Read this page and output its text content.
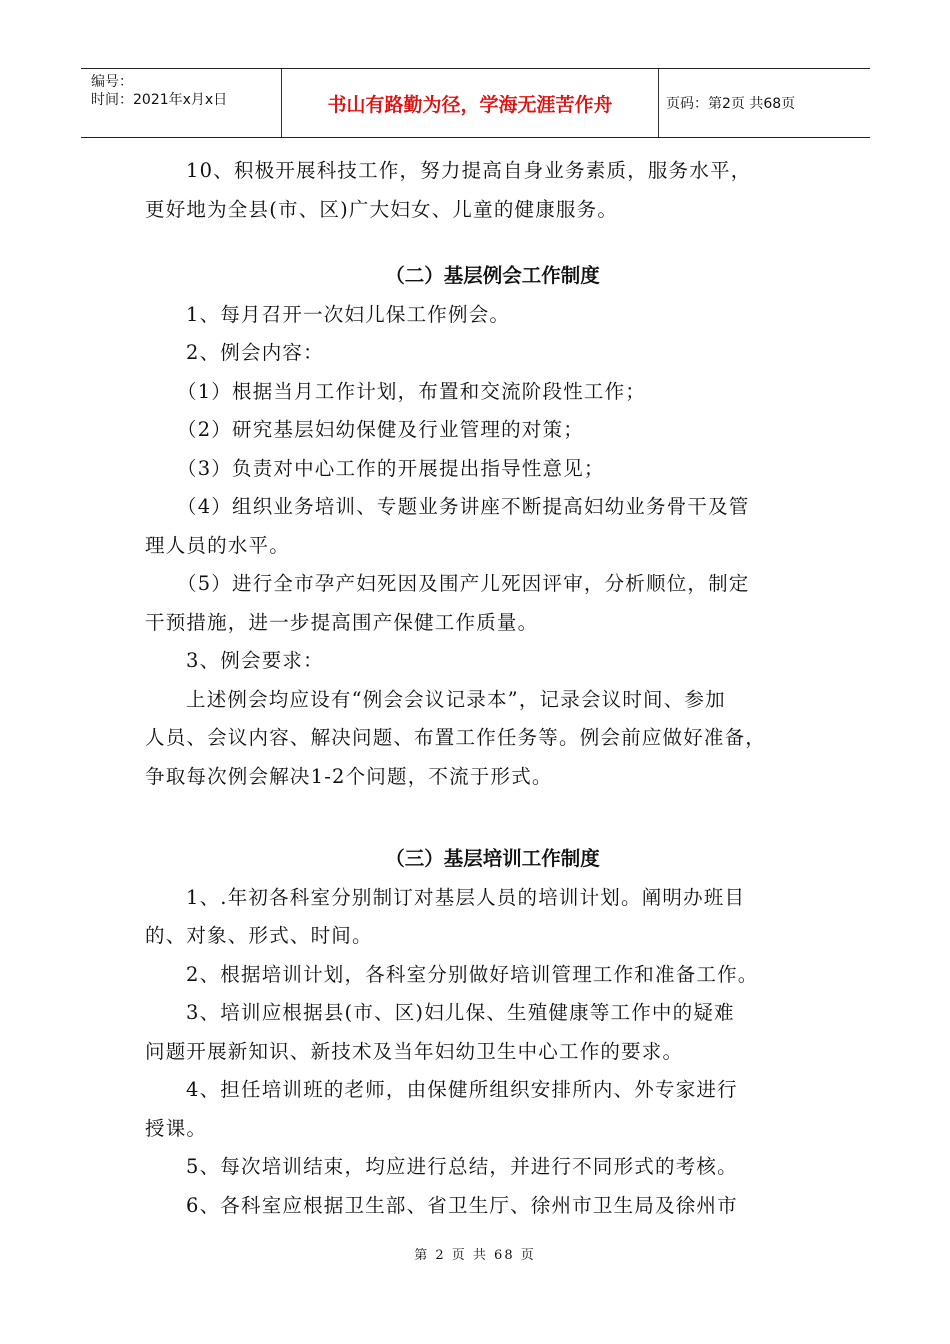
编号：
时间：2021年x月x日	书山有路勤为径，学海无涯苦作舟	页码：第2页 共68页

10、积极开展科技工作，努力提高自身业务素质，服务水平，

更好地为全县(市、区)广大妇女、儿童的健康服务。

（二）基层例会工作制度

1、每月召开一次妇儿保工作例会。

2、例会内容：

（1）根据当月工作计划，布置和交流阶段性工作；

（2）研究基层妇幼保健及行业管理的对策；

（3）负责对中心工作的开展提出指导性意见；

（4）组织业务培训、专题业务讲座不断提高妇幼业务骨干及管

理人员的水平。

（5）进行全市孕产妇死因及围产儿死因评审，分析顺位，制定

干预措施，进一步提高围产保健工作质量。

3、例会要求：

上述例会均应设有“例会会议记录本”，记录会议时间、参加

人员、会议内容、解决问题、布置工作任务等。例会前应做好准备，

争取每次例会解决1-2个问题，不流于形式。

（三）基层培训工作制度

1、.年初各科室分别制订对基层人员的培训计划。阐明办班目

的、对象、形式、时间。

2、根据培训计划，各科室分别做好培训管理工作和准备工作。

3、培训应根据县(市、区)妇儿保、生殖健康等工作中的疑难

问题开展新知识、新技术及当年妇幼卫生中心工作的要求。

4、担任培训班的老师，由保健所组织安排所内、外专家进行

授课。

5、每次培训结束，均应进行总结，并进行不同形式的考核。

6、各科室应根据卫生部、省卫生厅、徐州市卫生局及徐州市

第 2 页 共 68 页
